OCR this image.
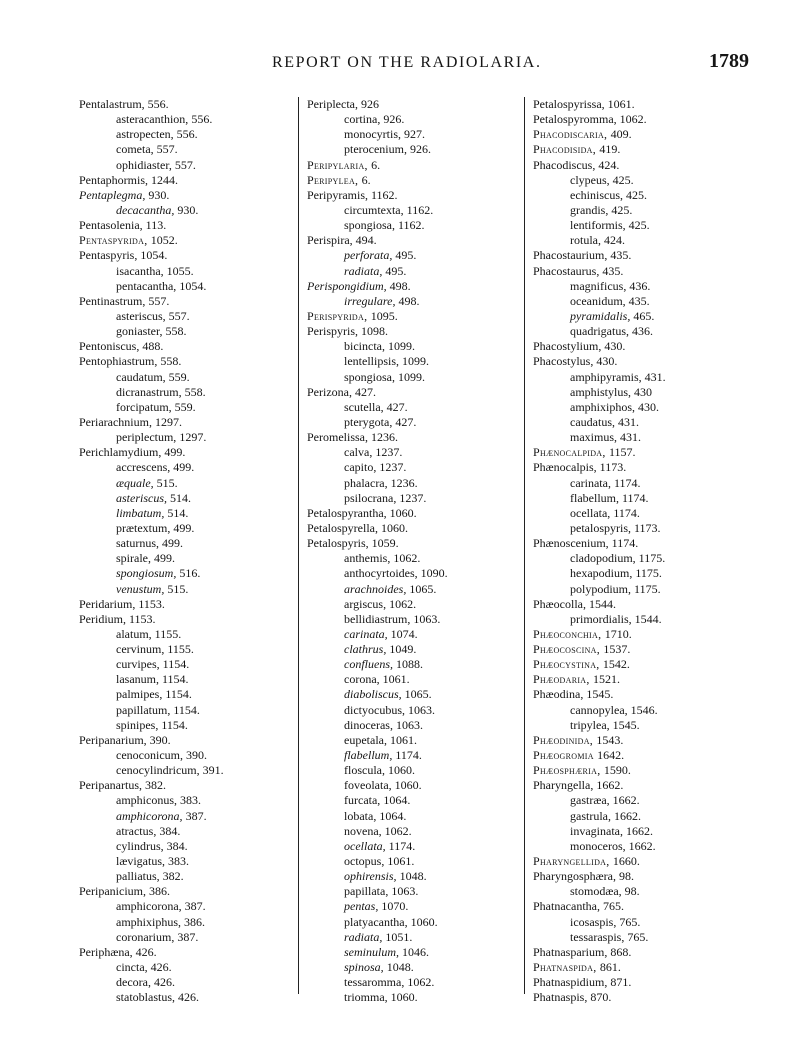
REPORT ON THE RADIOLARIA.	1789
Pentalastrum, 556.
asteracanthion, 556.
astropecten, 556.
cometa, 557.
ophidiaster, 557.
Pentaphormis, 1244.
Pentaplegma, 930.
decacantha, 930.
Pentasolenia, 113.
Pentaspyrida, 1052.
Pentaspyris, 1054.
isacantha, 1055.
pentacantha, 1054.
Pentinastrum, 557.
asteriscus, 557.
goniaster, 558.
Pentoniscus, 488.
Pentophiastrum, 558.
caudatum, 559.
dicranastrum, 558.
forcipatum, 559.
Periarachnium, 1297.
periplectum, 1297.
Perichlamydium, 499.
accrescens, 499.
æquale, 515.
asteriscus, 514.
limbatum, 514.
prætextum, 499.
saturnus, 499.
spirale, 499.
spongiosum, 516.
venustum, 515.
Peridarium, 1153.
Peridium, 1153.
alatum, 1155.
cervinum, 1155.
curvipes, 1154.
lasanum, 1154.
palmipes, 1154.
papillatum, 1154.
spinipes, 1154.
Peripanarium, 390.
cenoconicum, 390.
cenocylindricum, 391.
Peripanartus, 382.
amphiconus, 383.
amphicorona, 387.
atractus, 384.
cylindrus, 384.
lævigatus, 383.
palliatus, 382.
Peripanicium, 386.
amphicorona, 387.
amphixiphus, 386.
coronarium, 387.
Periphæna, 426.
cincta, 426.
decora, 426.
statoblastus, 426.
Periplecta, 926
cortina, 926.
monocyrtis, 927.
pterocenium, 926.
Peripylaria, 6.
Peripylea, 6.
Peripyramis, 1162.
circumtexta, 1162.
spongiosa, 1162.
Perispira, 494.
perforata, 495.
radiata, 495.
Perispongidium, 498.
irregulare, 498.
Perispyrida, 1095.
Perispyris, 1098.
bicincta, 1099.
lentellipsis, 1099.
spongiosa, 1099.
Perizona, 427.
scutella, 427.
pterygota, 427.
Peromelissa, 1236.
calva, 1237.
capito, 1237.
phalacra, 1236.
psilocrana, 1237.
Petalospyrantha, 1060.
Petalospyrella, 1060.
Petalospyris, 1059.
anthemis, 1062.
anthocyrtoides, 1090.
arachnoides, 1065.
argiscus, 1062.
bellidiastrum, 1063.
carinata, 1074.
clathrus, 1049.
confluens, 1088.
corona, 1061.
diaboliscus, 1065.
dictyocubus, 1063.
dinoceras, 1063.
eupetala, 1061.
flabellum, 1174.
floscula, 1060.
foveolata, 1060.
furcata, 1064.
lobata, 1064.
novena, 1062.
ocellata, 1174.
octopus, 1061.
ophirensis, 1048.
papillata, 1063.
pentas, 1070.
platyacantha, 1060.
radiata, 1051.
seminulum, 1046.
spinosa, 1048.
tessaromma, 1062.
triomma, 1060.
Petalospyrissa, 1061.
Petalospyromma, 1062.
Phacodiscaria, 409.
Phacodisida, 419.
Phacodiscus, 424.
clypeus, 425.
echiniscus, 425.
grandis, 425.
lentiformis, 425.
rotula, 424.
Phacostaurium, 435.
Phacostaurus, 435.
magnificus, 436.
oceanidum, 435.
pyramidalis, 465.
quadrigatus, 436.
Phacostylium, 430.
Phacostylus, 430.
amphipyramis, 431.
amphistylus, 430
amphixiphos, 430.
caudatus, 431.
maximus, 431.
Phænocalpida, 1157.
Phænocalpis, 1173.
carinata, 1174.
flabellum, 1174.
ocellata, 1174.
petalospyris, 1173.
Phænoscenium, 1174.
cladopodium, 1175.
hexapodium, 1175.
polypodium, 1175.
Phæocolla, 1544.
primordialis, 1544.
Phæoconchia, 1710.
Phæocoscina, 1537.
Phæocystina, 1542.
Phæodaria, 1521.
Phæodina, 1545.
cannopylea, 1546.
tripylea, 1545.
Phæodinida, 1543.
Phæogromia 1642.
Phæosphæria, 1590.
Pharyngella, 1662.
gastræa, 1662.
gastrula, 1662.
invaginata, 1662.
monoceros, 1662.
Pharyngellida, 1660.
Pharyngosphæra, 98.
stomodæa, 98.
Phatnacantha, 765.
icosaspis, 765.
tessaraspis, 765.
Phatnasparium, 868.
Phatnaspida, 861.
Phatnaspidium, 871.
Phatnaspis, 870.
